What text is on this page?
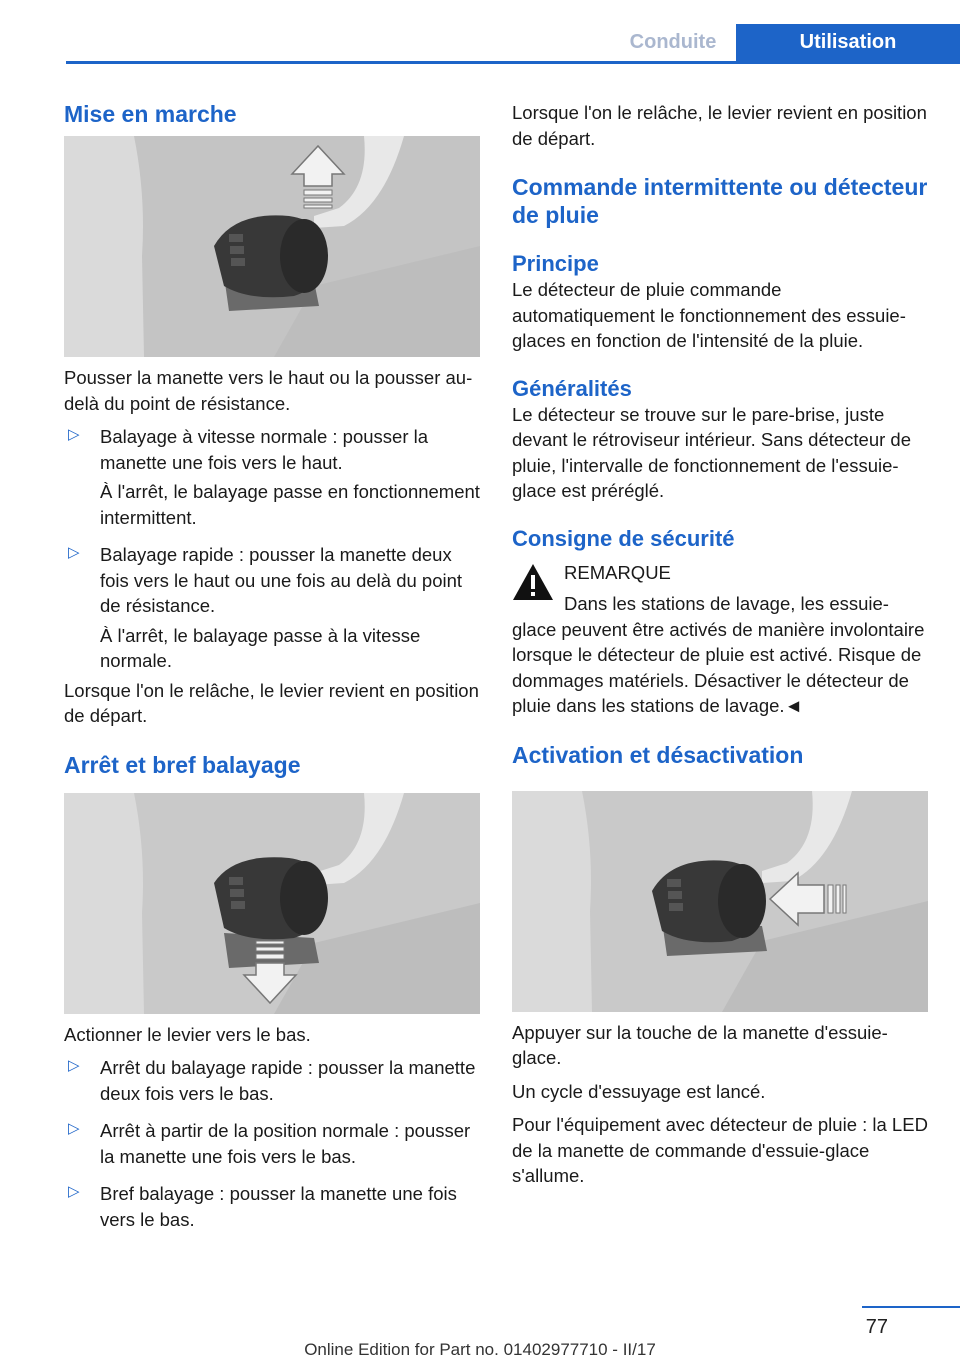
Conduite	Utilisation
Mise en marche

Pousser la manette vers le haut ou la pousser au-delà du point de résistance.

▷ Balayage à vitesse normale : pousser la manette une fois vers le haut.

À l'arrêt, le balayage passe en fonctionnement intermittent.

▷ Balayage rapide : pousser la manette deux fois vers le haut ou une fois au delà du point de résistance.

À l'arrêt, le balayage passe à la vitesse normale.

Lorsque l'on le relâche, le levier revient en position de départ.

Arrêt et bref balayage

Actionner le levier vers le bas.

▷ Arrêt du balayage rapide : pousser la manette deux fois vers le bas.

▷ Arrêt à partir de la position normale : pousser la manette une fois vers le bas.

▷ Bref balayage : pousser la manette une fois vers le bas.

Lorsque l'on le relâche, le levier revient en position de départ.

Commande intermittente ou détecteur de pluie
Principe

Le détecteur de pluie commande automatiquement le fonctionnement des essuie-glaces en fonction de l'intensité de la pluie.

Généralités

Le détecteur se trouve sur le pare-brise, juste devant le rétroviseur intérieur. Sans détecteur de pluie, l'intervalle de fonctionnement de l'essuie-glace est préréglé.

Consigne de sécurité

REMARQUE

Dans les stations de lavage, les essuie-glace peuvent être activés de manière involontaire lorsque le détecteur de pluie est activé. Risque de dommages matériels. Désactiver le détecteur de pluie dans les stations de lavage.◄

Activation et désactivation

Appuyer sur la touche de la manette d'essuie-glace.

Un cycle d'essuyage est lancé.

Pour l'équipement avec détecteur de pluie : la LED de la manette de commande d'essuie-glace s'allume.

77
Online Edition for Part no. 01402977710 - II/17
